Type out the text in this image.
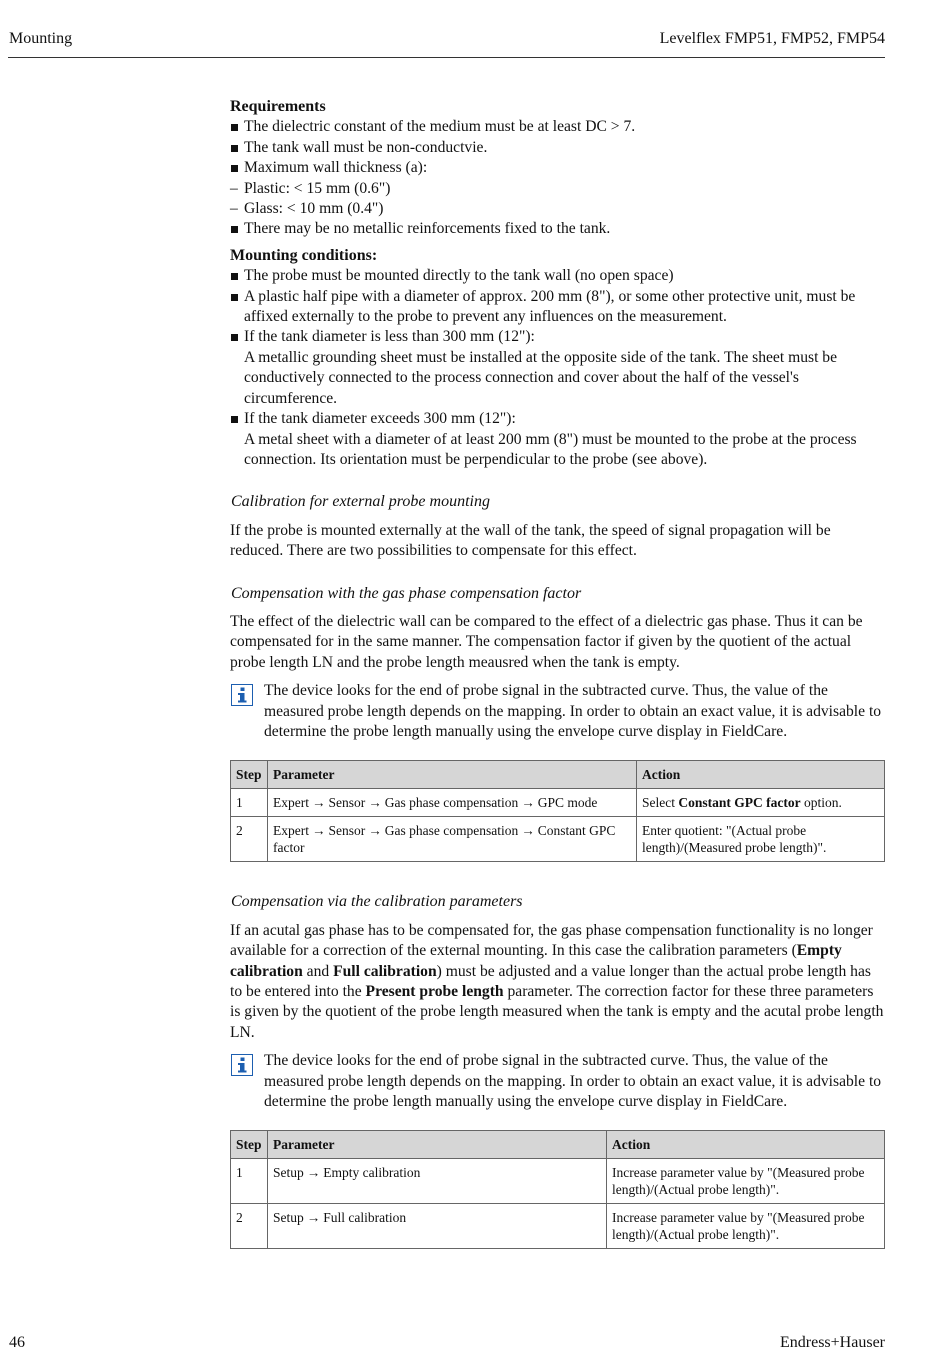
Mounting	Levelflex FMP51, FMP52, FMP54
Requirements
The dielectric constant of the medium must be at least DC > 7.
The tank wall must be non-conductvie.
Maximum wall thickness (a):
– Plastic: < 15 mm (0.6")
– Glass: < 10 mm (0.4")
There may be no metallic reinforcements fixed to the tank.
Mounting conditions:
The probe must be mounted directly to the tank wall (no open space)
A plastic half pipe with a diameter of approx. 200 mm (8"), or some other protective unit, must be affixed externally to the probe to prevent any influences on the measurement.
If the tank diameter is less than 300 mm (12"):
A metallic grounding sheet must be installed at the opposite side of the tank. The sheet must be conductively connected to the process connection and cover about the half of the vessel's circumference.
If the tank diameter exceeds 300 mm (12"):
A metal sheet with a diameter of at least 200 mm (8") must be mounted to the probe at the process connection. Its orientation must be perpendicular to the probe (see above).
Calibration for external probe mounting

If the probe is mounted externally at the wall of the tank, the speed of signal propagation will be reduced. There are two possibilities to compensate for this effect.

Compensation with the gas phase compensation factor

The effect of the dielectric wall can be compared to the effect of a dielectric gas phase. Thus it can be compensated for in the same manner. The compensation factor if given by the quotient of the actual probe length LN and the probe length meausred when the tank is empty.

The device looks for the end of probe signal in the subtracted curve. Thus, the value of the measured probe length depends on the mapping. In order to obtain an exact value, it is advisable to determine the probe length manually using the envelope curve display in FieldCare.

Step	Parameter	Action
1	Expert → Sensor → Gas phase compensation → GPC mode	Select Constant GPC factor option.
2	Expert → Sensor → Gas phase compensation → Constant GPC factor	Enter quotient: "(Actual probe length)/(Measured probe length)".
Compensation via the calibration parameters

If an acutal gas phase has to be compensated for, the gas phase compensation functionality is no longer available for a correction of the external mounting. In this case the calibration parameters (Empty calibration and Full calibration) must be adjusted and a value longer than the actual probe length has to be entered into the Present probe length parameter. The correction factor for these three parameters is given by the quotient of the probe length measured when the tank is empty and the acutal probe length LN.

The device looks for the end of probe signal in the subtracted curve. Thus, the value of the measured probe length depends on the mapping. In order to obtain an exact value, it is advisable to determine the probe length manually using the envelope curve display in FieldCare.

Step	Parameter	Action
1	Setup → Empty calibration	Increase parameter value by "(Measured probe length)/(Actual probe length)".
2	Setup → Full calibration	Increase parameter value by "(Measured probe length)/(Actual probe length)".
46	Endress+Hauser
